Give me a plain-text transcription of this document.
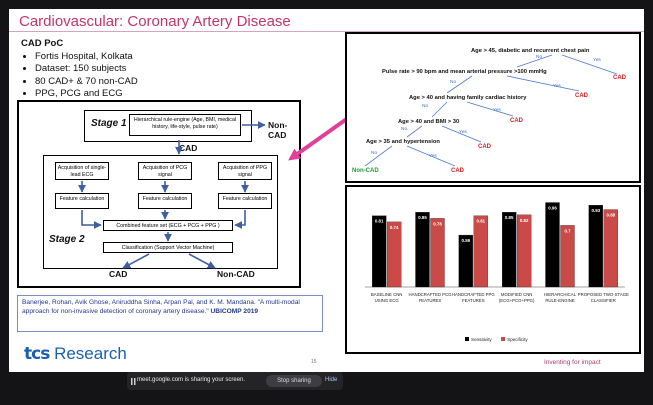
Cardiovascular: Coronary Artery Disease
CAD PoC
• Fortis Hospital, Kolkata
• Dataset: 150 subjects
• 80 CAD+ & 70 non-CAD
• PPG, PCG and ECG
Stage 1	Hierarchical rule-engine (Age, BMI, medical history, life-style, pulse rate)	Non-CAD
CAD
Acquisition of single-lead ECG
Acquisition of PCG signal
Acquisition of PPG signal
Feature calculation	Feature calculation	Feature calculation
Combined feature set (ECG + PCG + PPG )
Classification (Support Vector Machine)
Stage 2
CAD	Non-CAD
Age > 45, diabetic and recurrent chest pain
Pulse rate > 90 bpm and mean arterial pressure >100 mmHg
Age > 40 and having family cardiac history
Age > 40 and BMI > 30
Age > 35 and hypertension
No
Yes
CAD
No
Yes
CAD
No
Yes
CAD
No
Yes
CAD
No
Yes
Non-CAD	CAD
0.81
0.74
BASELINE CNN
USING ECG
0.85
0.78
HANDCRAFTED PCG
FEATURES
0.59
0.81
HANDCRAFTED PPG
FEATURES
0.85
0.82
MODIFIED CNN
(ECG+PCG+PPG)
0.96
0.7
HIERARCHICAL
RULE-ENGINE
0.93
0.88
PROPOSED TWO-STAGE
CLASSIFIER
Sensitivity	Specificity
Banerjee, Rohan, Avik Ghose, Aniruddha Sinha, Arpan Pal, and K. M. Mandana. "A multi-modal approach for non-invasive detection of coronary artery disease." UBICOMP 2019
tcs Research	15	Inventing for impact
meet.google.com is sharing your screen.	Stop sharing	Hide
